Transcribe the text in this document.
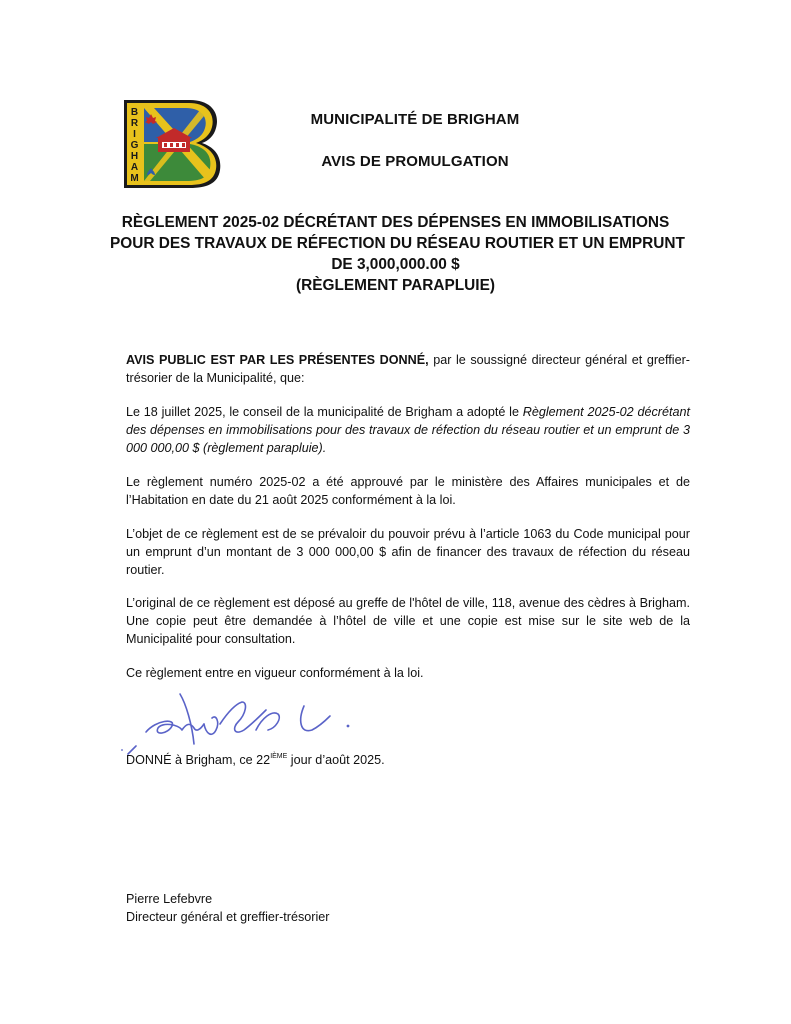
B
R
I
G
H
A
M
MUNICIPALITÉ DE BRIGHAM
AVIS DE PROMULGATION
RÈGLEMENT 2025-02 DÉCRÉTANT DES DÉPENSES EN IMMOBILISATIONS
POUR DES TRAVAUX DE RÉFECTION DU RÉSEAU ROUTIER ET UN EMPRUNT
DE 3,000,000.00 $
(RÈGLEMENT PARAPLUIE)
AVIS PUBLIC EST PAR LES PRÉSENTES DONNÉ, par le soussigné directeur général et greffier-trésorier de la Municipalité, que:
Le 18 juillet 2025, le conseil de la municipalité de Brigham a adopté le Règlement 2025-02 décrétant des dépenses en immobilisations pour des travaux de réfection du réseau routier et un emprunt de 3 000 000,00 $ (règlement parapluie).
Le règlement numéro 2025-02 a été approuvé par le ministère des Affaires municipales et de l’Habitation en date du 21 août 2025 conformément à la loi.
L’objet de ce règlement est de se prévaloir du pouvoir prévu à l’article 1063 du Code municipal pour un emprunt d’un montant de 3 000 000,00 $ afin de financer des travaux de réfection du réseau routier.
L’original de ce règlement est déposé au greffe de l'hôtel de ville, 118, avenue des cèdres à Brigham. Une copie peut être demandée à l’hôtel de ville et une copie est mise sur le site web de la Municipalité pour consultation.
Ce règlement entre en vigueur conformément à la loi.
DONNÉ à Brigham, ce 22IÈME jour d’août 2025.
Pierre Lefebvre
Directeur général et greffier-trésorier
